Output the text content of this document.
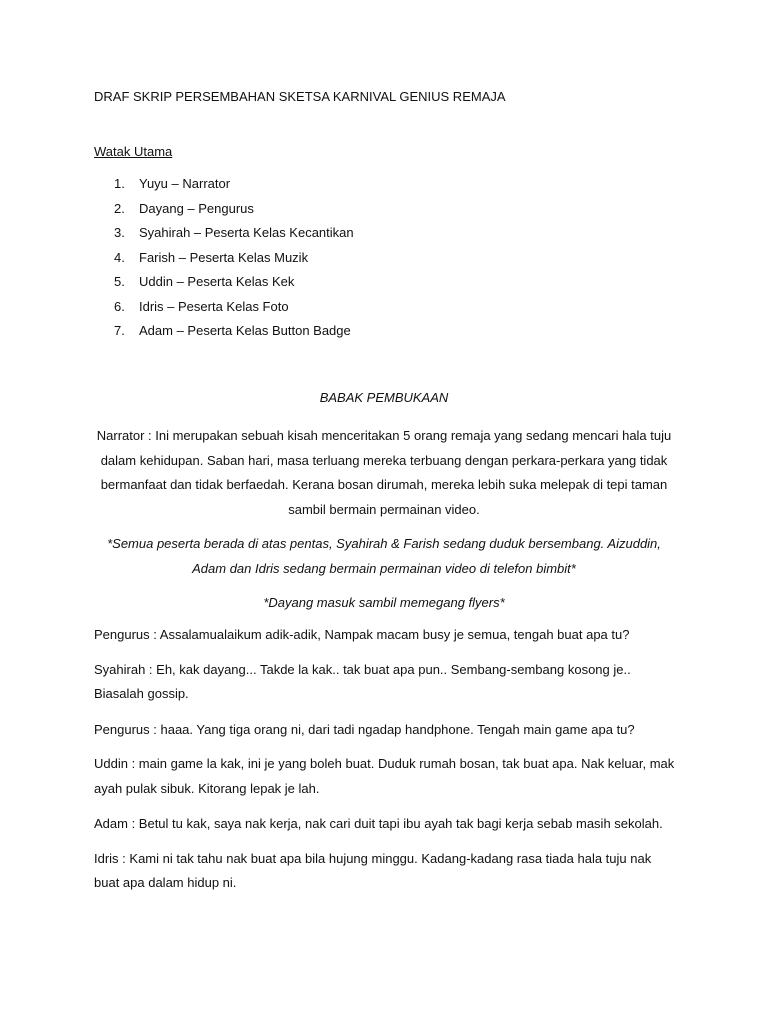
DRAF SKRIP PERSEMBAHAN SKETSA KARNIVAL GENIUS REMAJA
Watak Utama
1. Yuyu – Narrator
2. Dayang – Pengurus
3. Syahirah – Peserta Kelas Kecantikan
4. Farish – Peserta Kelas Muzik
5. Uddin – Peserta Kelas Kek
6. Idris – Peserta Kelas Foto
7. Adam – Peserta Kelas Button Badge
BABAK PEMBUKAAN

Narrator : Ini merupakan sebuah kisah menceritakan 5 orang remaja yang sedang mencari hala tuju dalam kehidupan. Saban hari, masa terluang mereka terbuang dengan perkara-perkara yang tidak bermanfaat dan tidak berfaedah. Kerana bosan dirumah, mereka lebih suka melepak di tepi taman sambil bermain permainan video.

*Semua peserta berada di atas pentas, Syahirah & Farish sedang duduk bersembang. Aizuddin, Adam dan Idris sedang bermain permainan video di telefon bimbit*

*Dayang masuk sambil memegang flyers*

Pengurus : Assalamualaikum adik-adik, Nampak macam busy je semua, tengah buat apa tu?

Syahirah : Eh, kak dayang... Takde la kak.. tak buat apa pun.. Sembang-sembang kosong je.. Biasalah gossip.

Pengurus : haaa. Yang tiga orang ni, dari tadi ngadap handphone. Tengah main game apa tu?

Uddin : main game la kak, ini je yang boleh buat. Duduk rumah bosan, tak buat apa. Nak keluar, mak ayah pulak sibuk. Kitorang lepak je lah.

Adam : Betul tu kak, saya nak kerja, nak cari duit tapi ibu ayah tak bagi kerja sebab masih sekolah.

Idris : Kami ni tak tahu nak buat apa bila hujung minggu. Kadang-kadang rasa tiada hala tuju nak buat apa dalam hidup ni.
